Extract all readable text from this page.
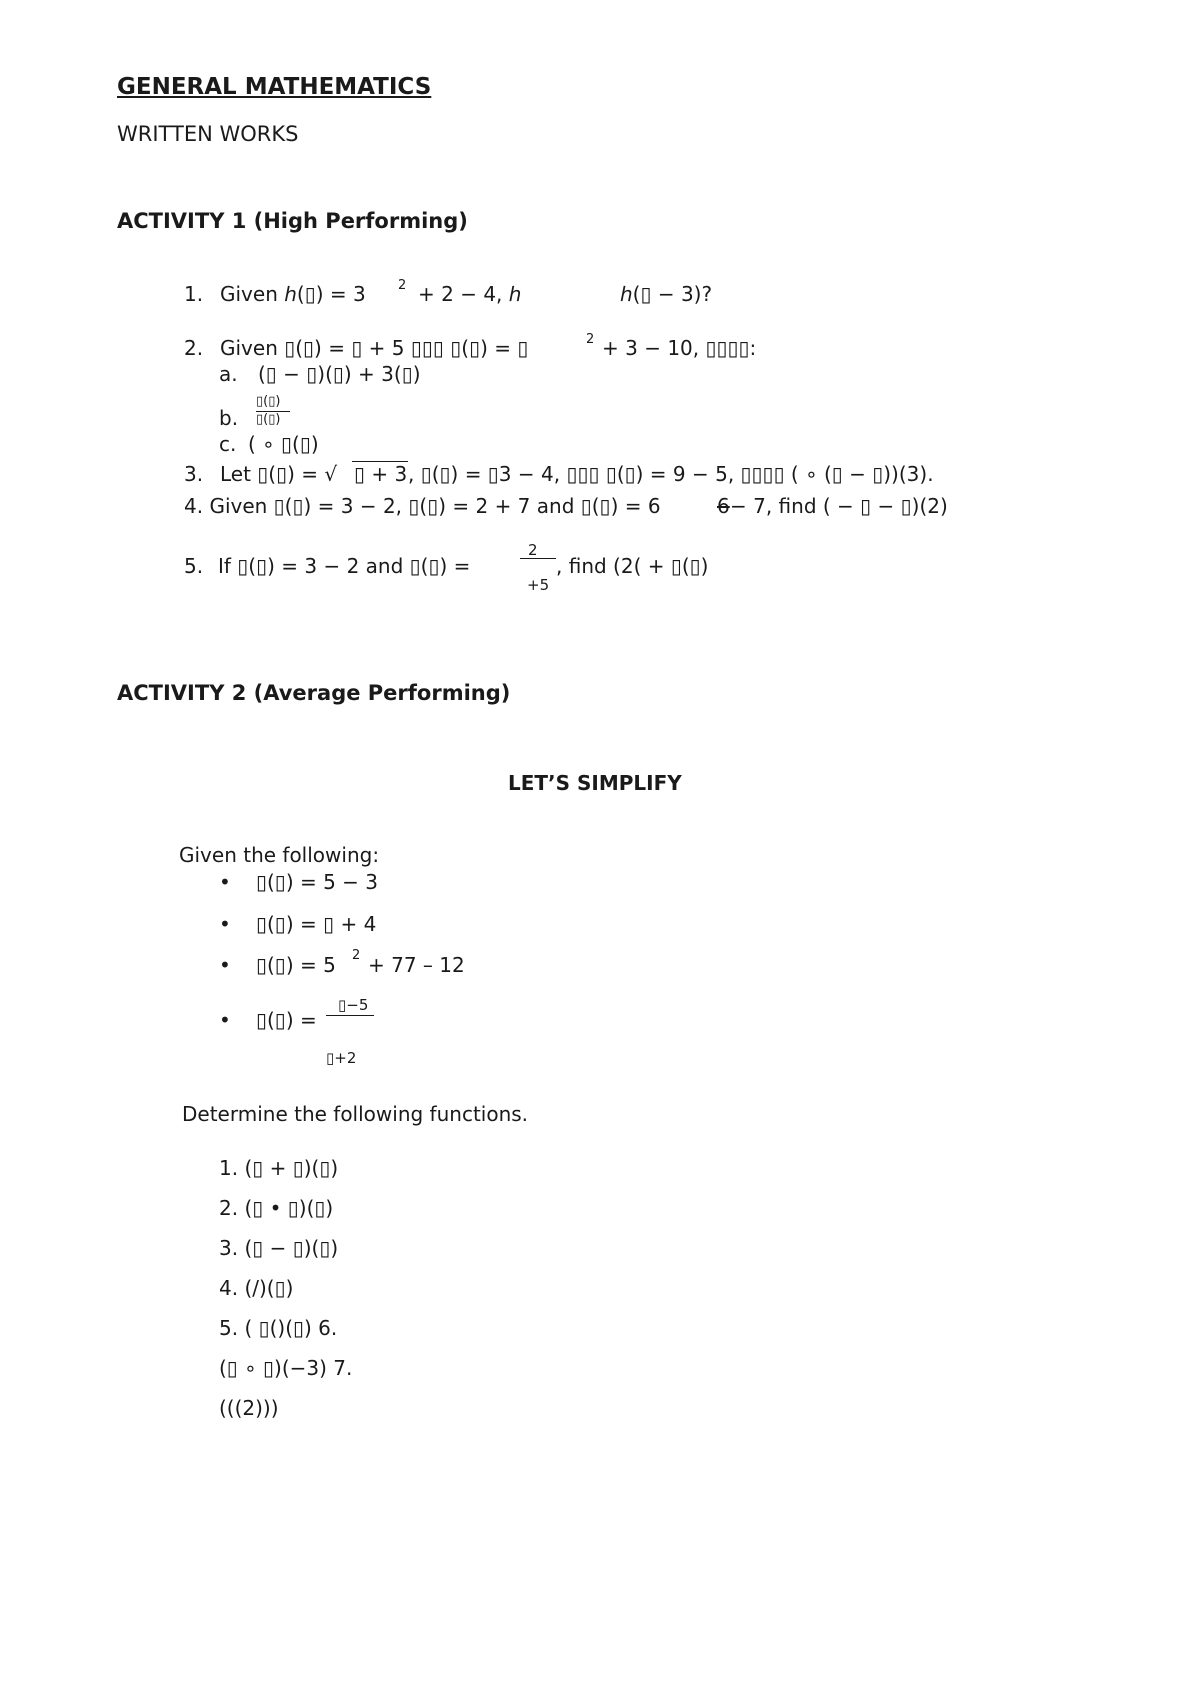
GENERAL MATHEMATICS
WRITTEN WORKS
ACTIVITY 1 (High Performing)
1. Given ℎ(▯) = 3 2 + 2 − 4, ℎ	ℎ(▯ − 3)?
2. Given ▯(▯) = ▯ + 5 ▯▯▯ ▯(▯) = ▯	2 + 3 − 10, ▯▯▯▯:
a. (▯ − ▯)(▯) + 3(▯)
b.
▯(▯)
▯(▯)
c. ( ∘ ▯(▯)
3. Let ▯(▯) = √ ▯ + 3 , ▯(▯) = ▯3 − 4, ▯▯▯ ▯(▯) = 9 − 5, ▯▯▯▯ ( ∘ (▯ − ▯))(3).
4. Given ▯(▯) = 3 − 2, ▯(▯) = 2 + 7 and ▯(▯) = 6	6 − 7, find ( − ▯ − ▯)(2)
5. If ▯(▯) = 3 − 2 and ▯(▯) =
2
+5
, find (2( + ▯(▯)
ACTIVITY 2 (Average Performing)
LET’S SIMPLIFY
Given the following:
• ▯(▯) = 5 − 3
• ▯(▯) = ▯ + 4
• ▯(▯) = 5 2 + 77 – 12
• ▯(▯) =
▯−5
▯+2
Determine the following functions.
1. (▯ + ▯)(▯)
2. (▯ • ▯)(▯)
3. (▯ − ▯)(▯)
4. (/)(▯)
5. ( ▯()(▯) 6.
(▯ ∘ ▯)(−3) 7.
(((2)))
